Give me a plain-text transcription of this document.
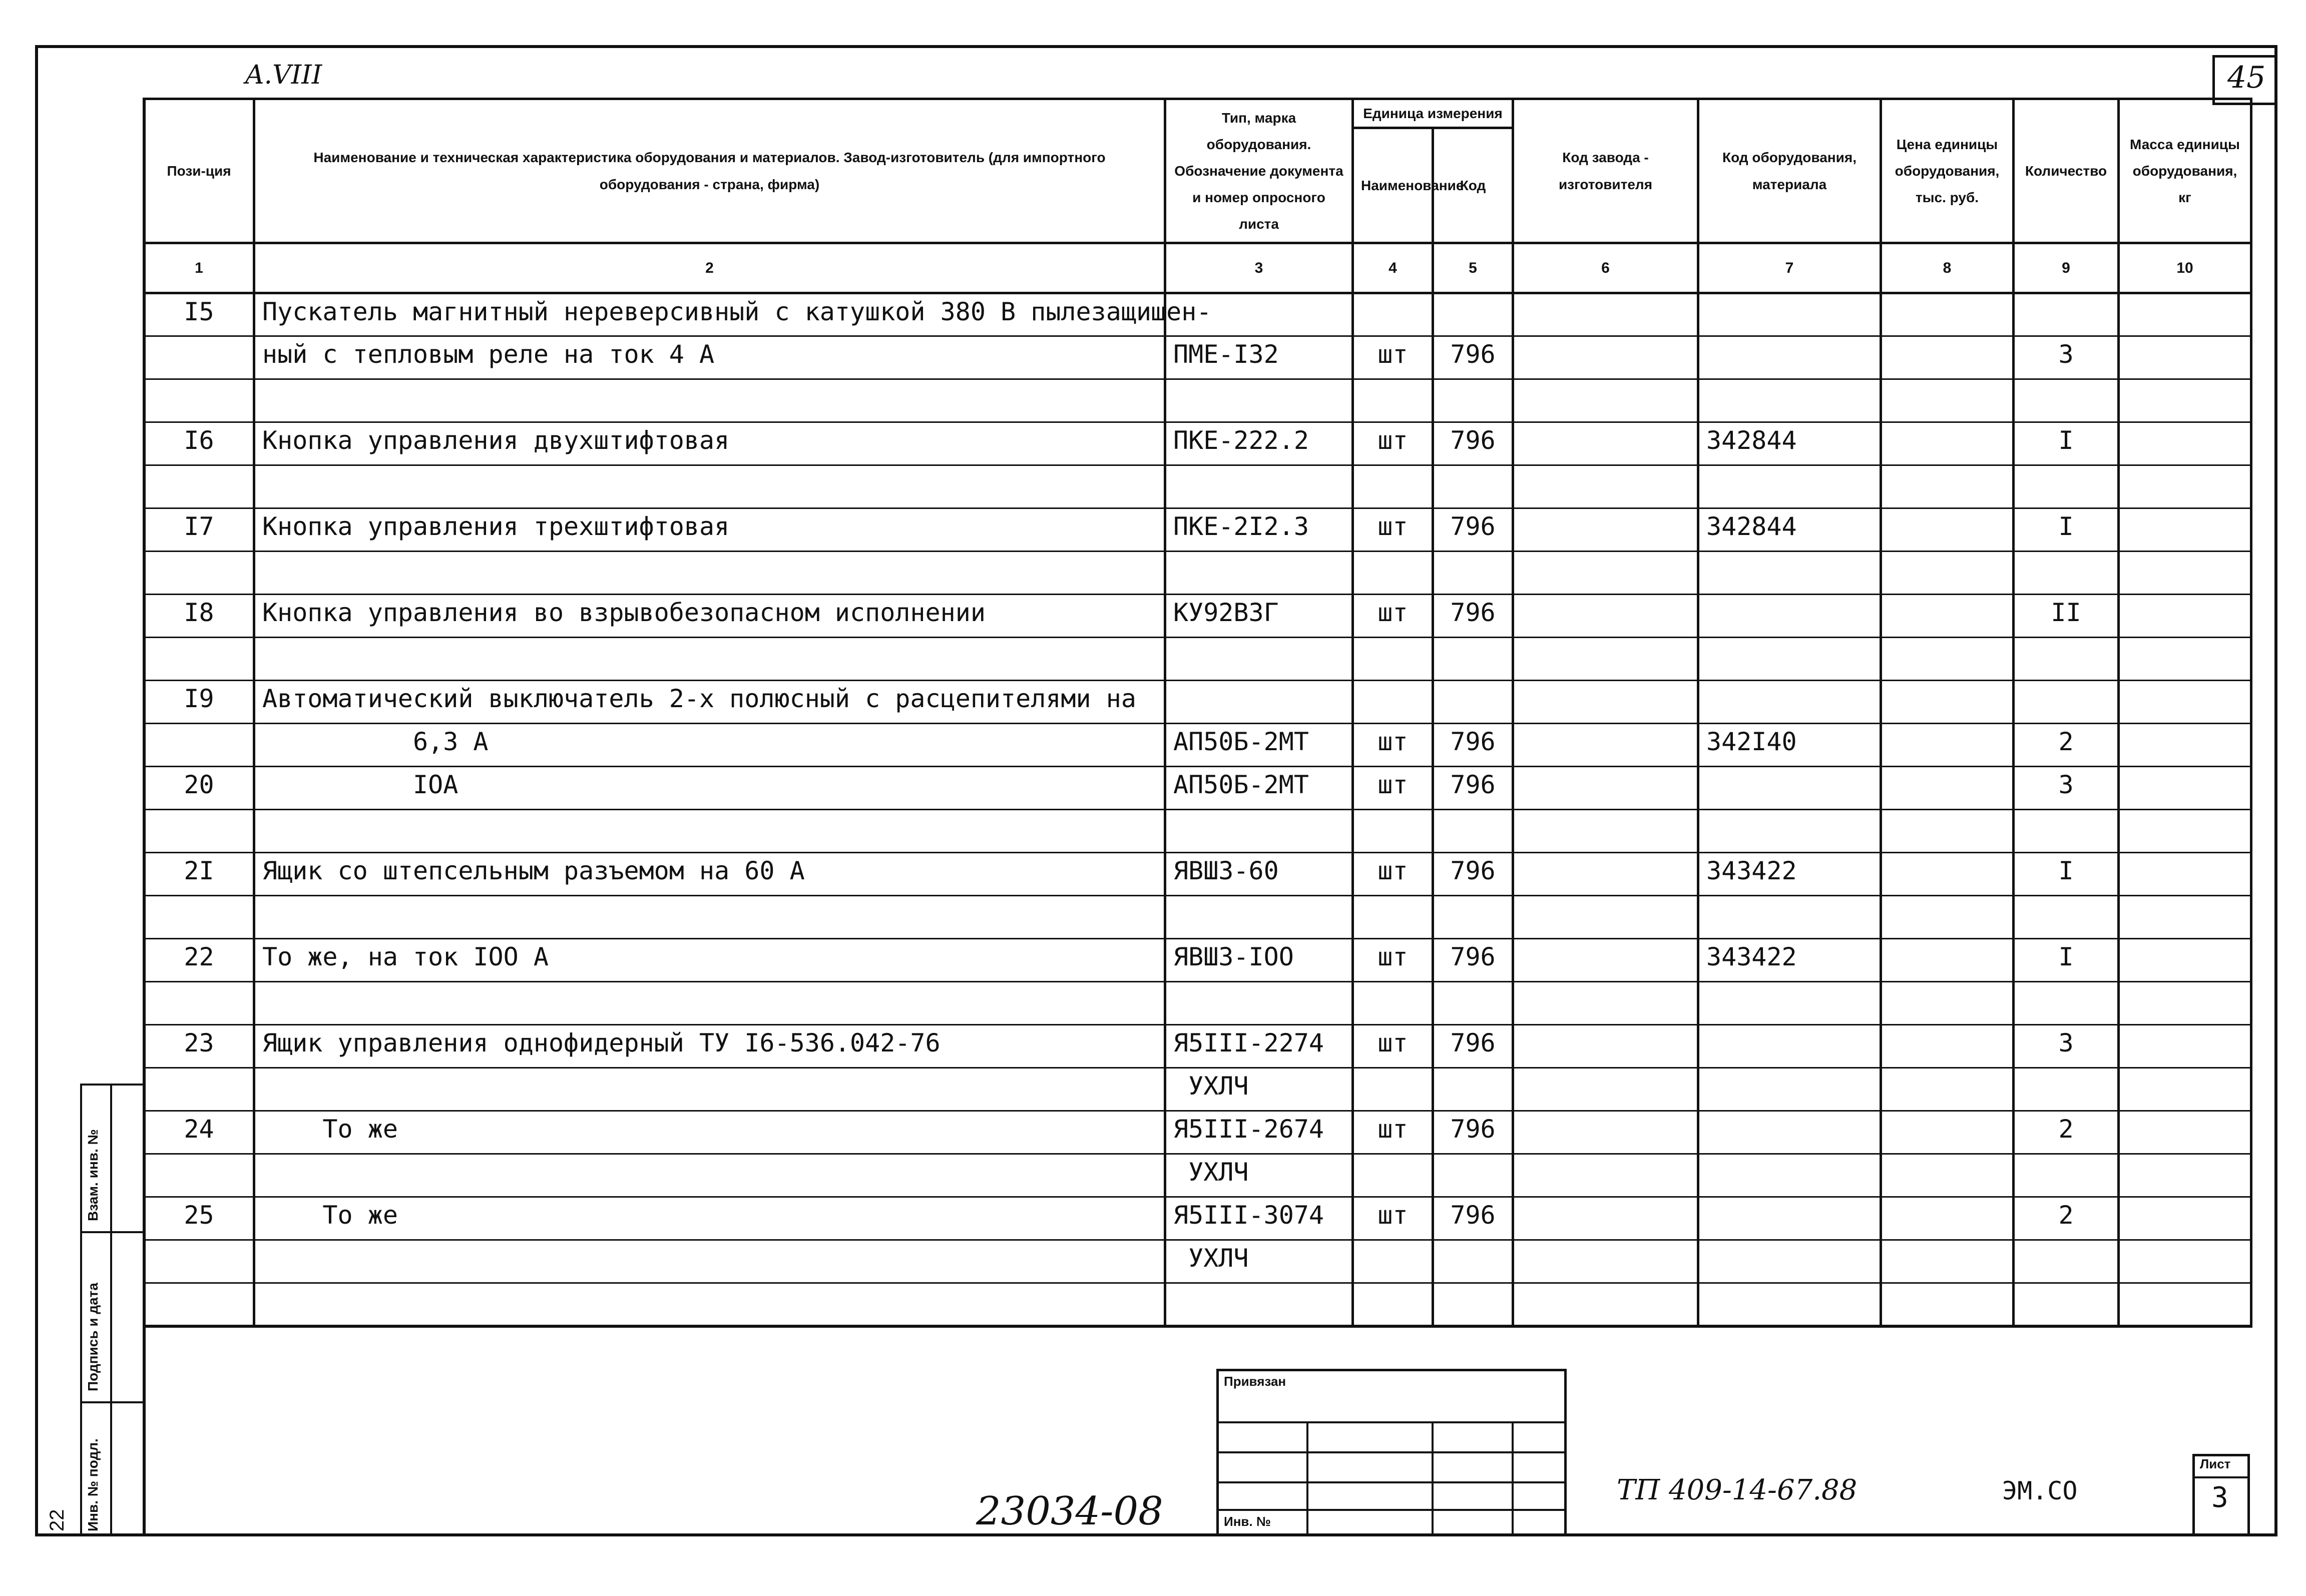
A.VIII	45
Пози-ция	Наименование и техническая характеристика оборудования и материалов. Завод-изготовитель (для импортного оборудования - страна, фирма)	Тип, марка оборудования. Обозначение документа и номер опросного листа	Единица измерения		Код завода - изготовителя	Код оборудования, материала	Цена единицы оборудования, тыс. руб.	Количество	Масса единицы оборудования, кг
			Наименование	Код					
1	2	3	4	5	6	7	8	9	10
I5	Пускатель магнитный нереверсивный с катушкой 380 В пылезащищен-								
	ный с тепловым реле на ток 4 А	ПМЕ-I32	шт	796				3	

I6	Кнопка управления двухштифтовая	ПКЕ-222.2	шт	796		342844		I	

I7	Кнопка управления трехштифтовая	ПКЕ-2I2.3	шт	796		342844		I	

I8	Кнопка управления во взрывобезопасном исполнении	КУ92ВЗГ	шт	796				II	

I9	Автоматический выключатель 2-х полюсный с расцепителями на								
	6,3 А	АП50Б-2МТ	шт	796		342I40		2	
20	IOA	АП50Б-2МТ	шт	796				3	

2I	Ящик со штепсельным разъемом на 60 А	ЯВШЗ-60	шт	796		343422		I	

22	То же, на ток IOO А	ЯВШЗ-IOO	шт	796		343422		I	

23	Ящик управления однофидерный ТУ I6-536.042-76	Я5III-2274	шт	796				3	
		УХЛЧ							
24	То же	Я5III-2674	шт	796				2	
		УХЛЧ							
25	То же	Я5III-3074	шт	796				2	
		УХЛЧ							

Взам. инв. №
Подпись и дата
Инв. № подл.
22
Привязан
Инв. №
23034-08	ТП 409-14-67.88	ЭМ.СО
Лист
3
